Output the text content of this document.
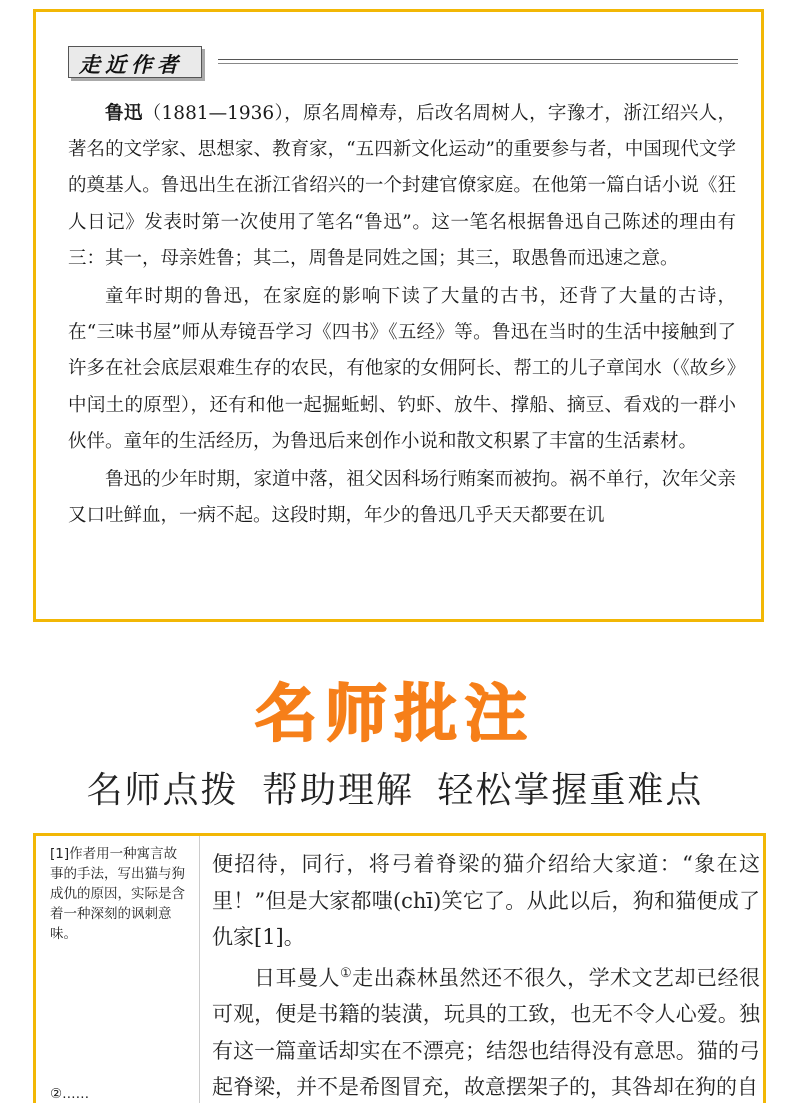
走近作者

鲁迅（1881—1936），原名周樟寿，后改名周树人，字豫才，浙江绍兴人，著名的文学家、思想家、教育家，“五四新文化运动”的重要参与者，中国现代文学的奠基人。鲁迅出生在浙江省绍兴的一个封建官僚家庭。在他第一篇白话小说《狂人日记》发表时第一次使用了笔名“鲁迅”。这一笔名根据鲁迅自己陈述的理由有三：其一，母亲姓鲁；其二，周鲁是同姓之国；其三，取愚鲁而迅速之意。

童年时期的鲁迅，在家庭的影响下读了大量的古书，还背了大量的古诗，在“三味书屋”师从寿镜吾学习《四书》《五经》等。鲁迅在当时的生活中接触到了许多在社会底层艰难生存的农民，有他家的女佣阿长、帮工的儿子章闰水（《故乡》中闰土的原型），还有和他一起掘蚯蚓、钓虾、放牛、撑船、摘豆、看戏的一群小伙伴。童年的生活经历，为鲁迅后来创作小说和散文积累了丰富的生活素材。

鲁迅的少年时期，家道中落，祖父因科场行贿案而被拘。祸不单行，次年父亲又口吐鲜血，一病不起。这段时期，年少的鲁迅几乎天天都要在讥

名师批注
名师点拨 帮助理解 轻松掌握重难点
[1]作者用一种寓言故事的手法，写出猫与狗成仇的原因，实际是含着一种深刻的讽刺意味。
②……

便招待，同行，将弓着脊梁的猫介绍给大家道：“象在这里！”但是大家都嗤(chī)笑它了。从此以后，狗和猫便成了仇家[1]。

日耳曼人①走出森林虽然还不很久，学术文艺却已经很可观，便是书籍的装潢，玩具的工致，也无不令人心爱。独有这一篇童话却实在不漂亮；结怨也结得没有意思。猫的弓起脊梁，并不是希图冒充，故意摆架子的，其咎却在狗的自
